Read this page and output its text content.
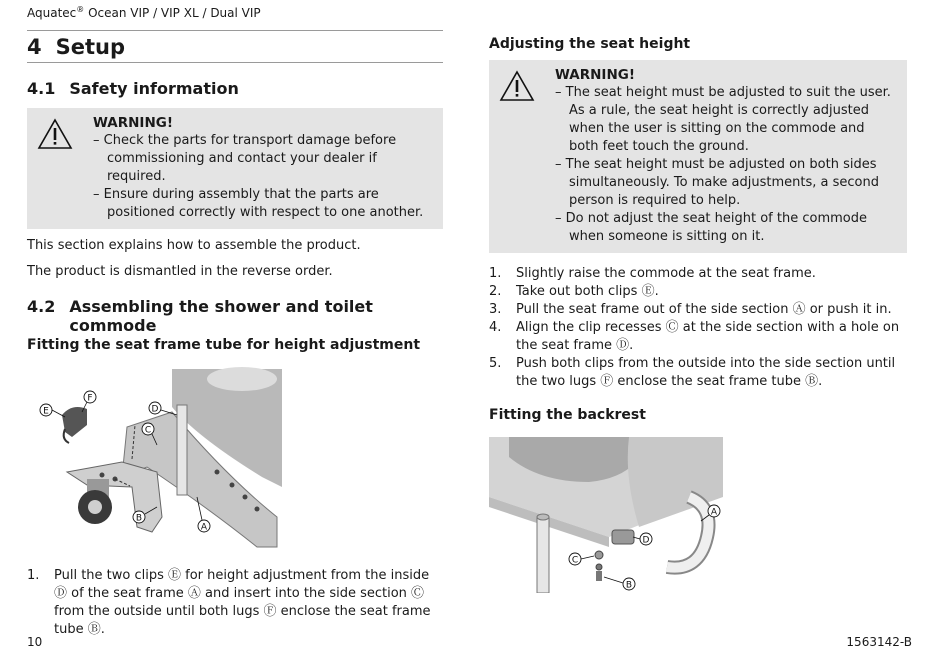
Aquatec® Ocean VIP / VIP XL / Dual VIP
4 Setup
4.1 Safety information
WARNING!
– Check the parts for transport damage before commissioning and contact your dealer if required.
– Ensure during assembly that the parts are positioned correctly with respect to one another.

This section explains how to assemble the product.

The product is dismantled in the reverse order.

4.2 Assembling the shower and toilet commode
Fitting the seat frame tube for height adjustment
E
F
D
C
B
A
1.	Pull the two clips Ⓔ for height adjustment from the inside Ⓓ of the seat frame Ⓐ and insert into the side section Ⓒ from the outside until both lugs Ⓕ enclose the seat frame tube Ⓑ.
Adjusting the seat height
WARNING!
– The seat height must be adjusted to suit the user. As a rule, the seat height is correctly adjusted when the user is sitting on the commode and both feet touch the ground.
– The seat height must be adjusted on both sides simultaneously. To make adjustments, a second person is required to help.
– Do not adjust the seat height of the commode when someone is sitting on it.
1.	Slightly raise the commode at the seat frame.
2.	Take out both clips Ⓔ.
3.	Pull the seat frame out of the side section Ⓐ or push it in.
4.	Align the clip recesses Ⓒ at the side section with a hole on the seat frame Ⓓ.
5.	Push both clips from the outside into the side section until the two lugs Ⓕ enclose the seat frame tube Ⓑ.
Fitting the backrest
A
D
C
B
10	1563142-B
